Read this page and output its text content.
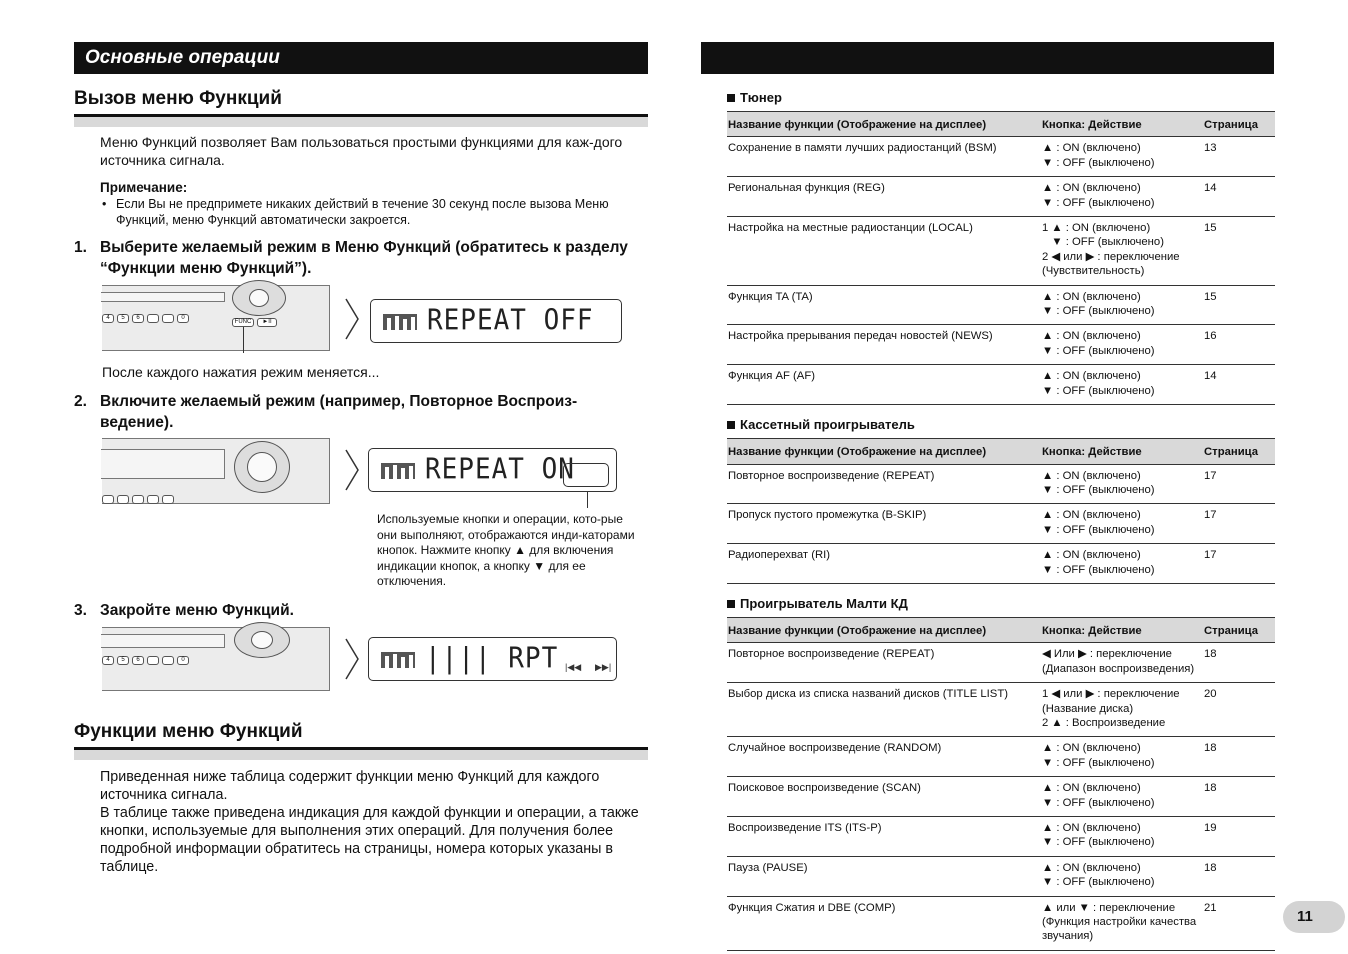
Основные операции
Вызов меню Функций
Меню Функций позволяет Вам пользоваться простыми функциями для каж-дого источника сигнала.
Примечание:
• Если Вы не предпримете никаких действий в течение 30 секунд после вызова Меню Функций, меню Функций автоматически закроется.
1. Выберите желаемый режим в Меню Функций (обратитесь к разделу “Функции меню Функций”).
4	5	6	0
FUNC	►II	REPEAT OFF
После каждого нажатия режим меняется...
2. Включите желаемый режим (например, Повторное Воспроиз-ведение).
REPEAT ON
Используемые кнопки и операции, кото-рые они выполняют, отображаются инди-каторами кнопок. Нажмите кнопку ▲ для включения индикации кнопок, а кнопку ▼ для ее отключения.
3. Закройте меню Функций.
4	5	6	0	|||| RPT |◀◀ ▶▶|
Функции меню Функций
Приведенная ниже таблица содержит функции меню Функций для каждого источника сигнала.
В таблице также приведена индикация для каждой функции и операции, а также кнопки, используемые для выполнения этих операций. Для получения более подробной информации обратитесь на страницы, номера которых указаны в таблице.
Тюнер
Название функции (Отображение на дисплее)	Кнопка: Действие	Страница
Сохранение в памяти лучших радиостанций (BSM)	▲ : ON (включено)
▼ : OFF (выключено)	13
Региональная функция (REG)	▲ : ON (включено)
▼ : OFF (выключено)	14
Настройка на местные радиостанции (LOCAL)	1 ▲ : ON (включено)
▼ : OFF (выключено)
2 ◀ или ▶ : переключение (Чувствительность)	15
Функция TA (TA)	▲ : ON (включено)
▼ : OFF (выключено)	15
Настройка прерывания передач новостей (NEWS)	▲ : ON (включено)
▼ : OFF (выключено)	16
Функция AF (AF)	▲ : ON (включено)
▼ : OFF (выключено)	14
Кассетный проигрыватель
Название функции (Отображение на дисплее)	Кнопка: Действие	Страница
Повторное воспроизведение (REPEAT)	▲ : ON (включено)
▼ : OFF (выключено)	17
Пропуск пустого промежутка (B-SKIP)	▲ : ON (включено)
▼ : OFF (выключено)	17
Радиоперехват (RI)	▲ : ON (включено)
▼ : OFF (выключено)	17
Проигрыватель Малти КД
Название функции (Отображение на дисплее)	Кнопка: Действие	Страница
Повторное воспроизведение (REPEAT)	◀ Или ▶ : переключение (Диапазон воспроизведения)	18
Выбор диска из списка названий дисков (TITLE LIST)	1 ◀ или ▶ : переключение (Название диска)
2 ▲ : Воспроизведение	20
Случайное воспроизведение (RANDOM)	▲ : ON (включено)
▼ : OFF (выключено)	18
Поисковое воспроизведение (SCAN)	▲ : ON (включено)
▼ : OFF (выключено)	18
Воспроизведение ITS (ITS-P)	▲ : ON (включено)
▼ : OFF (выключено)	19
Пауза (PAUSE)	▲ : ON (включено)
▼ : OFF (выключено)	18
Функция Сжатия и DBE (COMP)	▲ или ▼ : переключение (Функция настройки качества звучания)	21
11
